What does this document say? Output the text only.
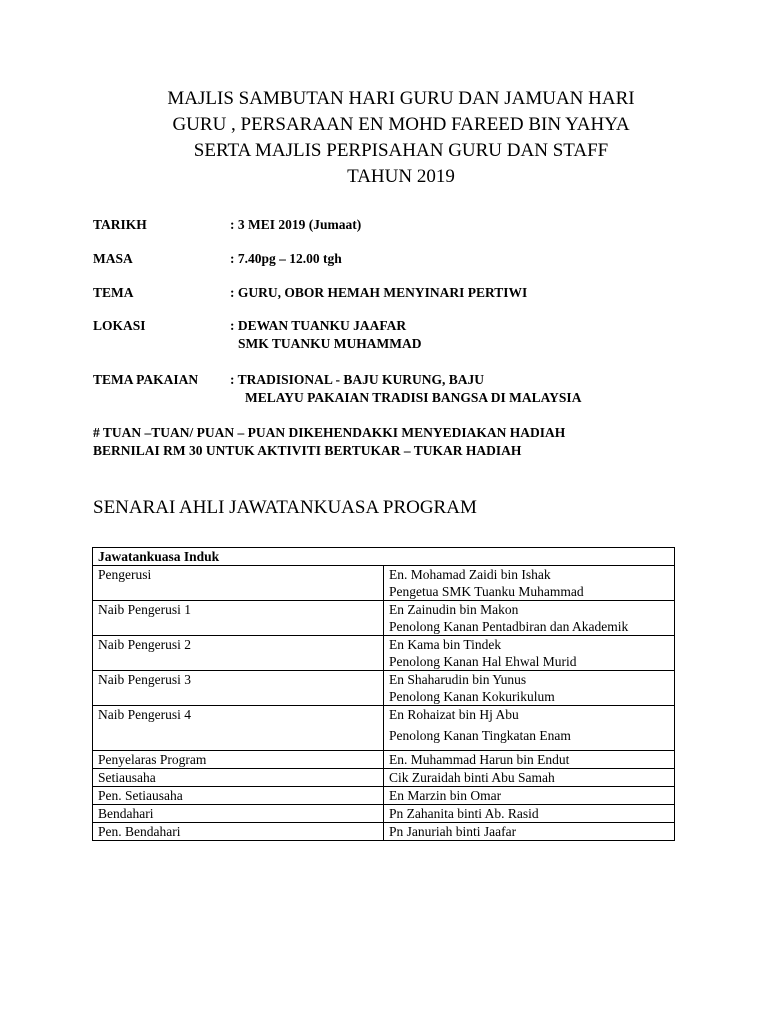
MAJLIS SAMBUTAN HARI GURU DAN JAMUAN HARI
GURU , PERSARAAN EN MOHD FAREED BIN YAHYA
SERTA MAJLIS PERPISAHAN GURU DAN STAFF
TAHUN 2019
TARIKH	: 3 MEI 2019 (Jumaat)
MASA	: 7.40pg – 12.00 tgh
TEMA	: GURU, OBOR HEMAH MENYINARI PERTIWI
LOKASI	: DEWAN TUANKU JAAFAR
SMK TUANKU MUHAMMAD
TEMA PAKAIAN : TRADISIONAL - BAJU KURUNG, BAJU
MELAYU PAKAIAN TRADISI BANGSA DI MALAYSIA
# TUAN –TUAN/ PUAN – PUAN DIKEHENDAKKI MENYEDIAKAN HADIAH
BERNILAI RM 30 UNTUK AKTIVITI BERTUKAR – TUKAR HADIAH
SENARAI AHLI JAWATANKUASA PROGRAM
Jawatankuasa Induk	
Pengerusi	En. Mohamad Zaidi bin Ishak
Pengetua SMK Tuanku Muhammad

Naib Pengerusi 1	En Zainudin bin Makon
Penolong Kanan Pentadbiran dan Akademik

Naib Pengerusi 2	En Kama bin Tindek
Penolong Kanan Hal Ehwal Murid

Naib Pengerusi 3	En Shaharudin bin Yunus
Penolong Kanan Kokurikulum

Naib Pengerusi 4	En Rohaizat bin Hj Abu
Penolong Kanan Tingkatan Enam

Penyelaras Program	En. Muhammad Harun bin Endut
Setiausaha	Cik Zuraidah binti Abu Samah
Pen. Setiausaha	En Marzin bin Omar
Bendahari	Pn Zahanita binti Ab. Rasid
Pen. Bendahari	Pn Januriah binti Jaafar
